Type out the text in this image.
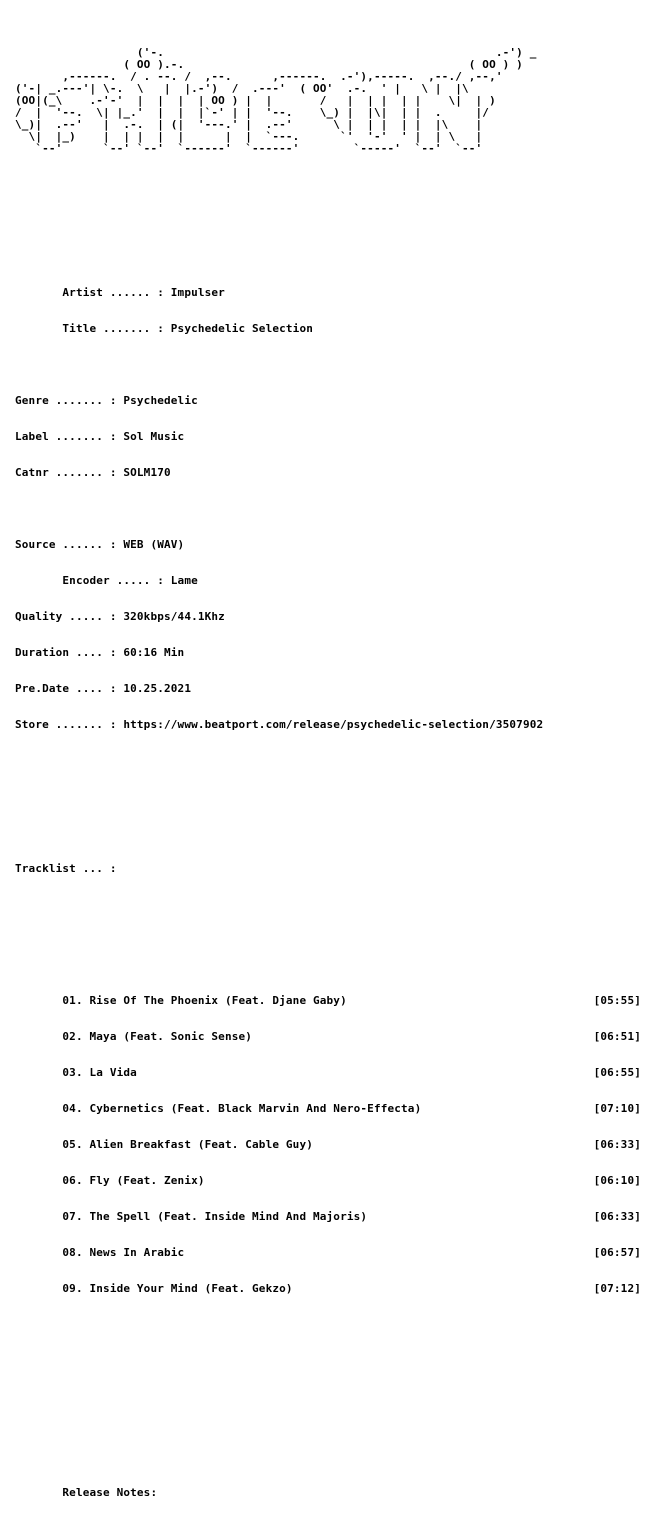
('-.                                                 .-') _
( OO ).-.                                          ( OO ) )
,------.  / . --. /  ,--.      ,------.  .-'),-----.  ,--./ ,--,'
('-| _.---'| \-.  \   |  |.-')  /  .---'  ( OO'  .-.  ' |   \ |  |\
(OO|(_\    .-'-'  |  |  |  | OO ) |  |       /   |  | |  | |    \|  | )
/  |  '--.  \| |_.'  |  |  |`-' | |  '--.    \_) |  |\|  | |  .     |/
\_)|  .--'   |  .-.  | (|  '---.' |  .--'      \ |  | |  | |  |\    |
\|  |_)    |  | |  |  |      |  |  `---.      `'  '-'  ' |  | \   |
`--'      `--' `--'  `------'  `------'        `-----'  `--'  `--'

Artist ...... : Impulser

Title ....... : Psychedelic Selection

Genre ....... : Psychedelic

Label ....... : Sol Music

Catnr ....... : SOLM170

Source ...... : WEB (WAV)

Encoder ..... : Lame

Quality ..... : 320kbps/44.1Khz

Duration .... : 60:16 Min

Pre.Date .... : 10.25.2021

Store ....... : https://www.beatport.com/release/psychedelic-selection/3507902

Tracklist ... :

01. Rise Of The Phoenix (Feat. Djane Gaby)	[05:55]

02. Maya (Feat. Sonic Sense)	[06:51]

03. La Vida	[06:55]

04. Cybernetics (Feat. Black Marvin And Nero-Effecta)	[07:10]

05. Alien Breakfast (Feat. Cable Guy)	[06:33]

06. Fly (Feat. Zenix)	[06:10]

07. The Spell (Feat. Inside Mind And Majoris)	[06:33]

08. News In Arabic	[06:57]

09. Inside Your Mind (Feat. Gekzo)	[07:12]

Release Notes:
